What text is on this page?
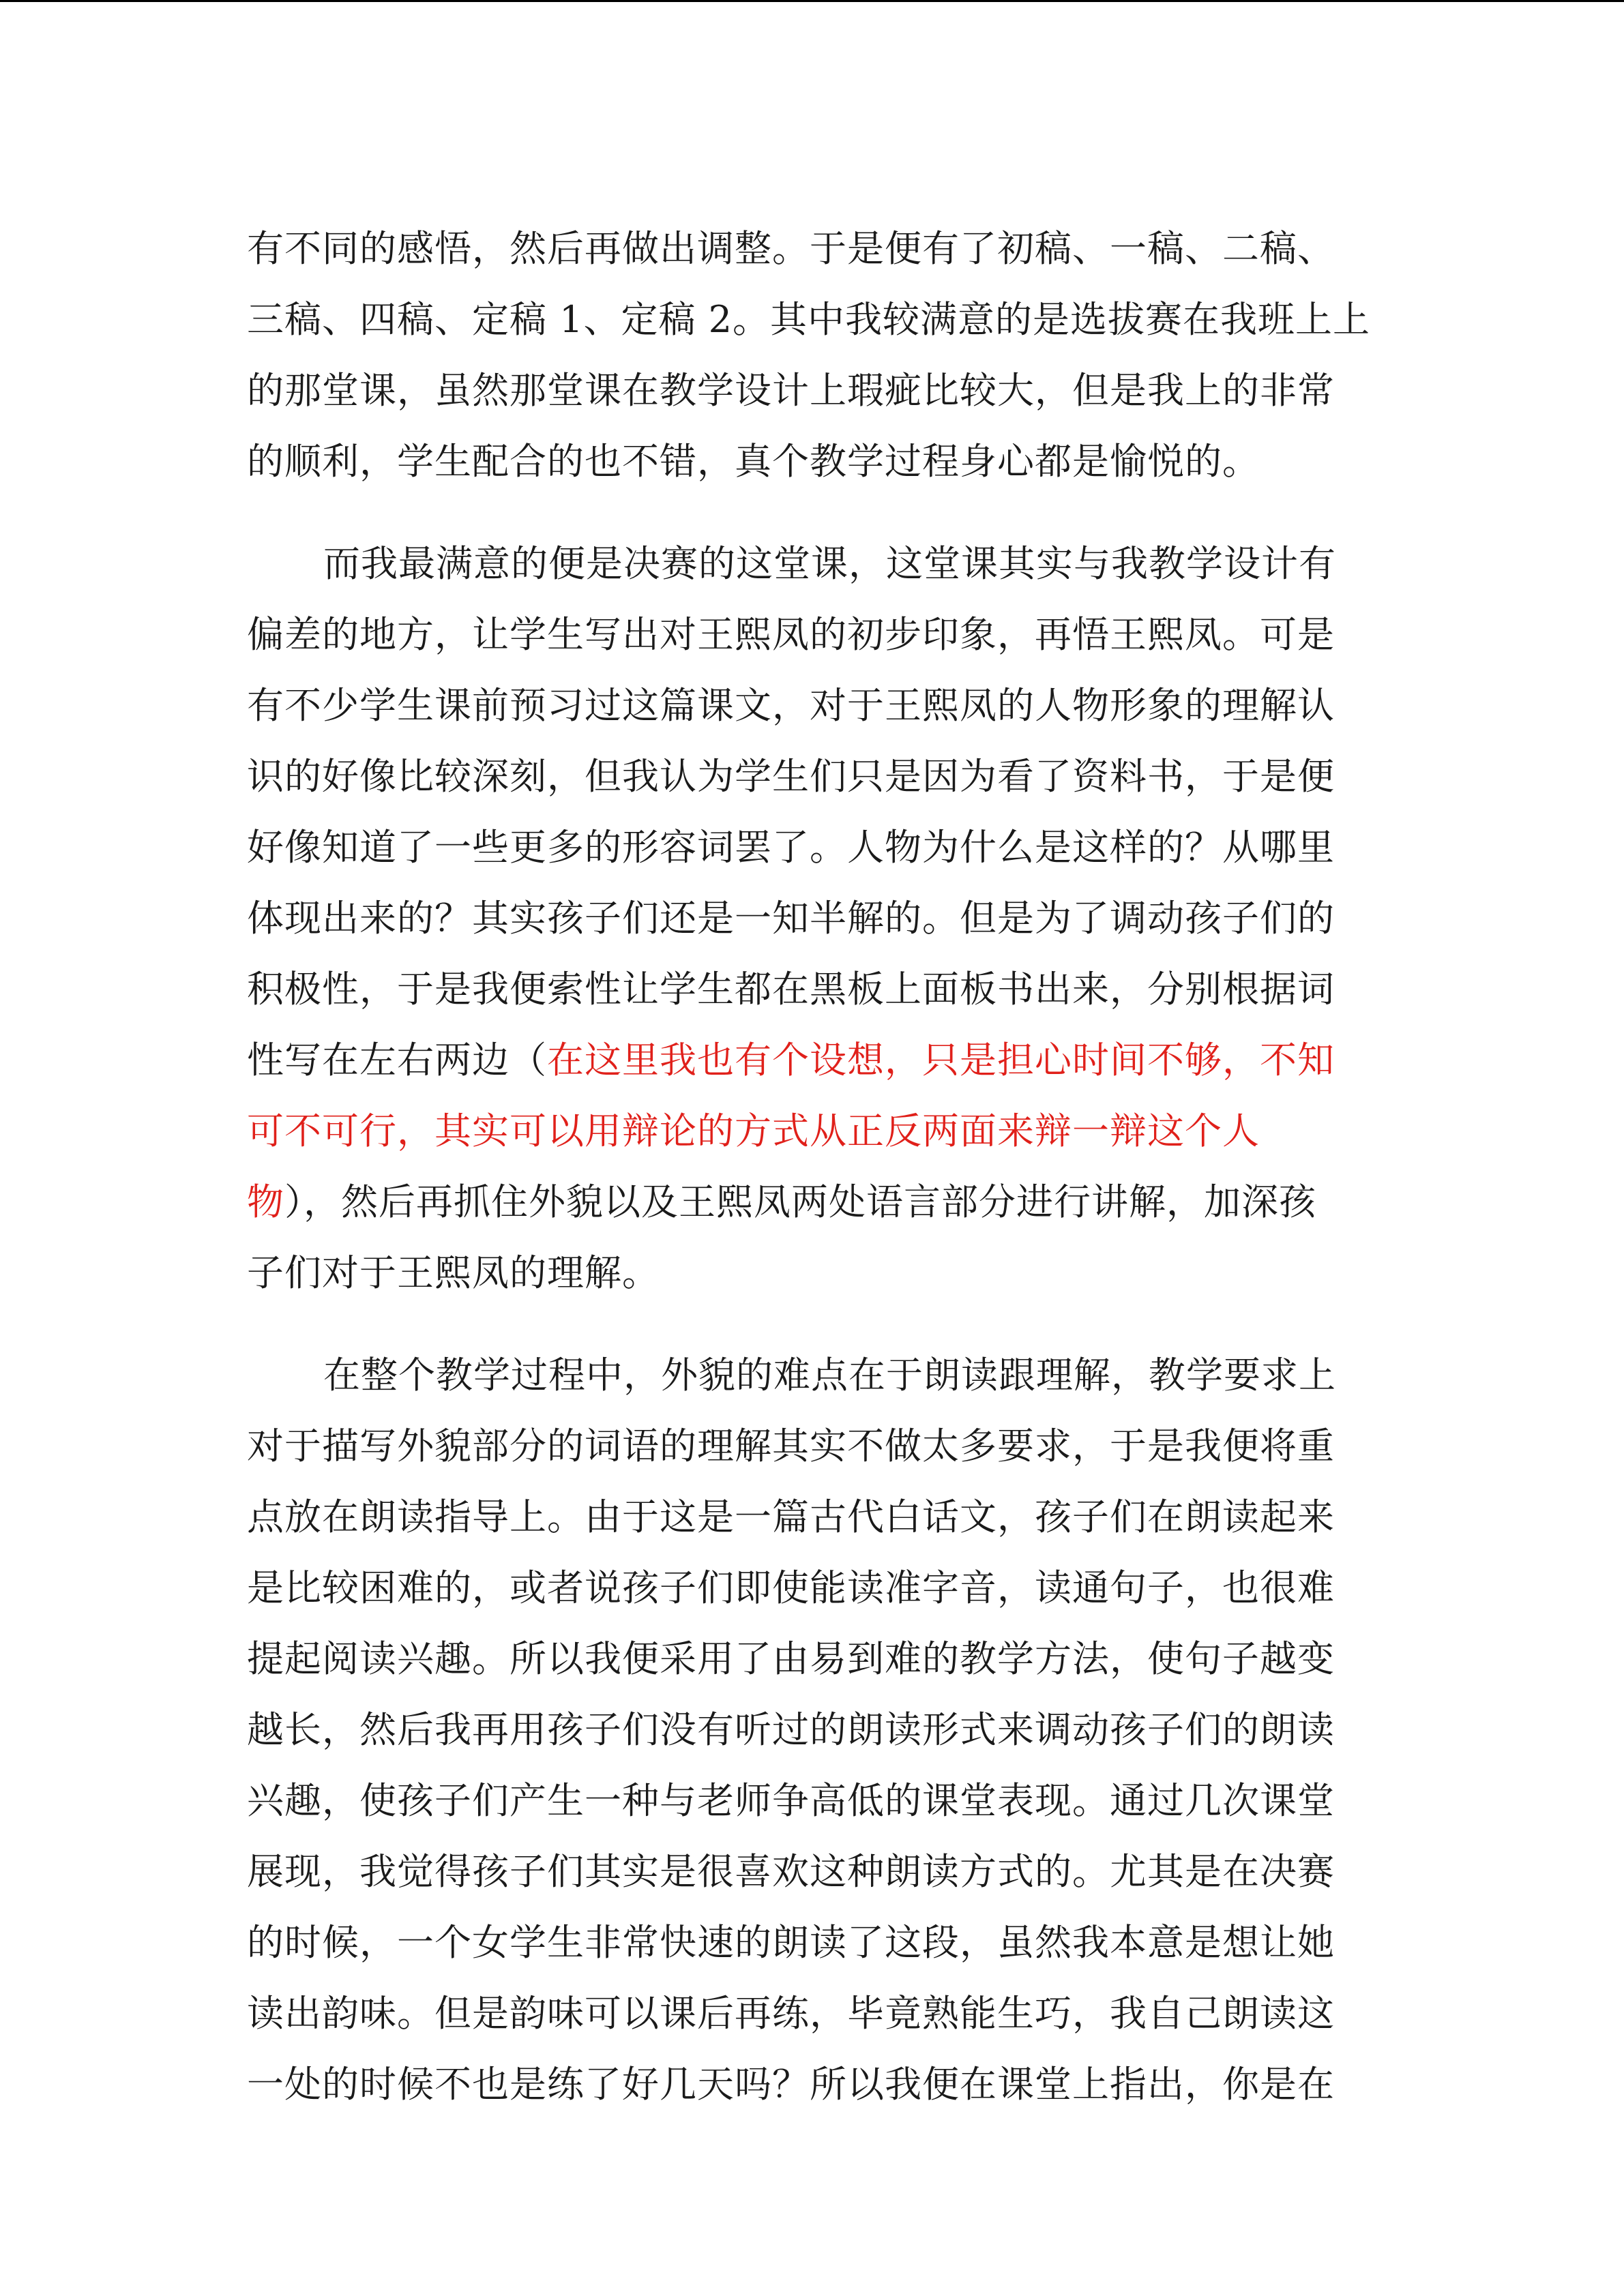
有不同的感悟，然后再做出调整。于是便有了初稿、一稿、二稿、
三稿、四稿、定稿 1、定稿 2。其中我较满意的是选拔赛在我班上上
的那堂课，虽然那堂课在教学设计上瑕疵比较大，但是我上的非常
的顺利，学生配合的也不错，真个教学过程身心都是愉悦的。

而我最满意的便是决赛的这堂课，这堂课其实与我教学设计有
偏差的地方，让学生写出对王熙凤的初步印象，再悟王熙凤。可是
有不少学生课前预习过这篇课文，对于王熙凤的人物形象的理解认
识的好像比较深刻，但我认为学生们只是因为看了资料书，于是便
好像知道了一些更多的形容词罢了。人物为什么是这样的？从哪里
体现出来的？其实孩子们还是一知半解的。但是为了调动孩子们的
积极性，于是我便索性让学生都在黑板上面板书出来，分别根据词
性写在左右两边（在这里我也有个设想，只是担心时间不够，不知
可不可行，其实可以用辩论的方式从正反两面来辩一辩这个人
物），然后再抓住外貌以及王熙凤两处语言部分进行讲解，加深孩
子们对于王熙凤的理解。

在整个教学过程中，外貌的难点在于朗读跟理解，教学要求上
对于描写外貌部分的词语的理解其实不做太多要求，于是我便将重
点放在朗读指导上。由于这是一篇古代白话文，孩子们在朗读起来
是比较困难的，或者说孩子们即使能读准字音，读通句子，也很难
提起阅读兴趣。所以我便采用了由易到难的教学方法，使句子越变
越长，然后我再用孩子们没有听过的朗读形式来调动孩子们的朗读
兴趣，使孩子们产生一种与老师争高低的课堂表现。通过几次课堂
展现，我觉得孩子们其实是很喜欢这种朗读方式的。尤其是在决赛
的时候，一个女学生非常快速的朗读了这段，虽然我本意是想让她
读出韵味。但是韵味可以课后再练，毕竟熟能生巧，我自己朗读这
一处的时候不也是练了好几天吗？所以我便在课堂上指出，你是在
